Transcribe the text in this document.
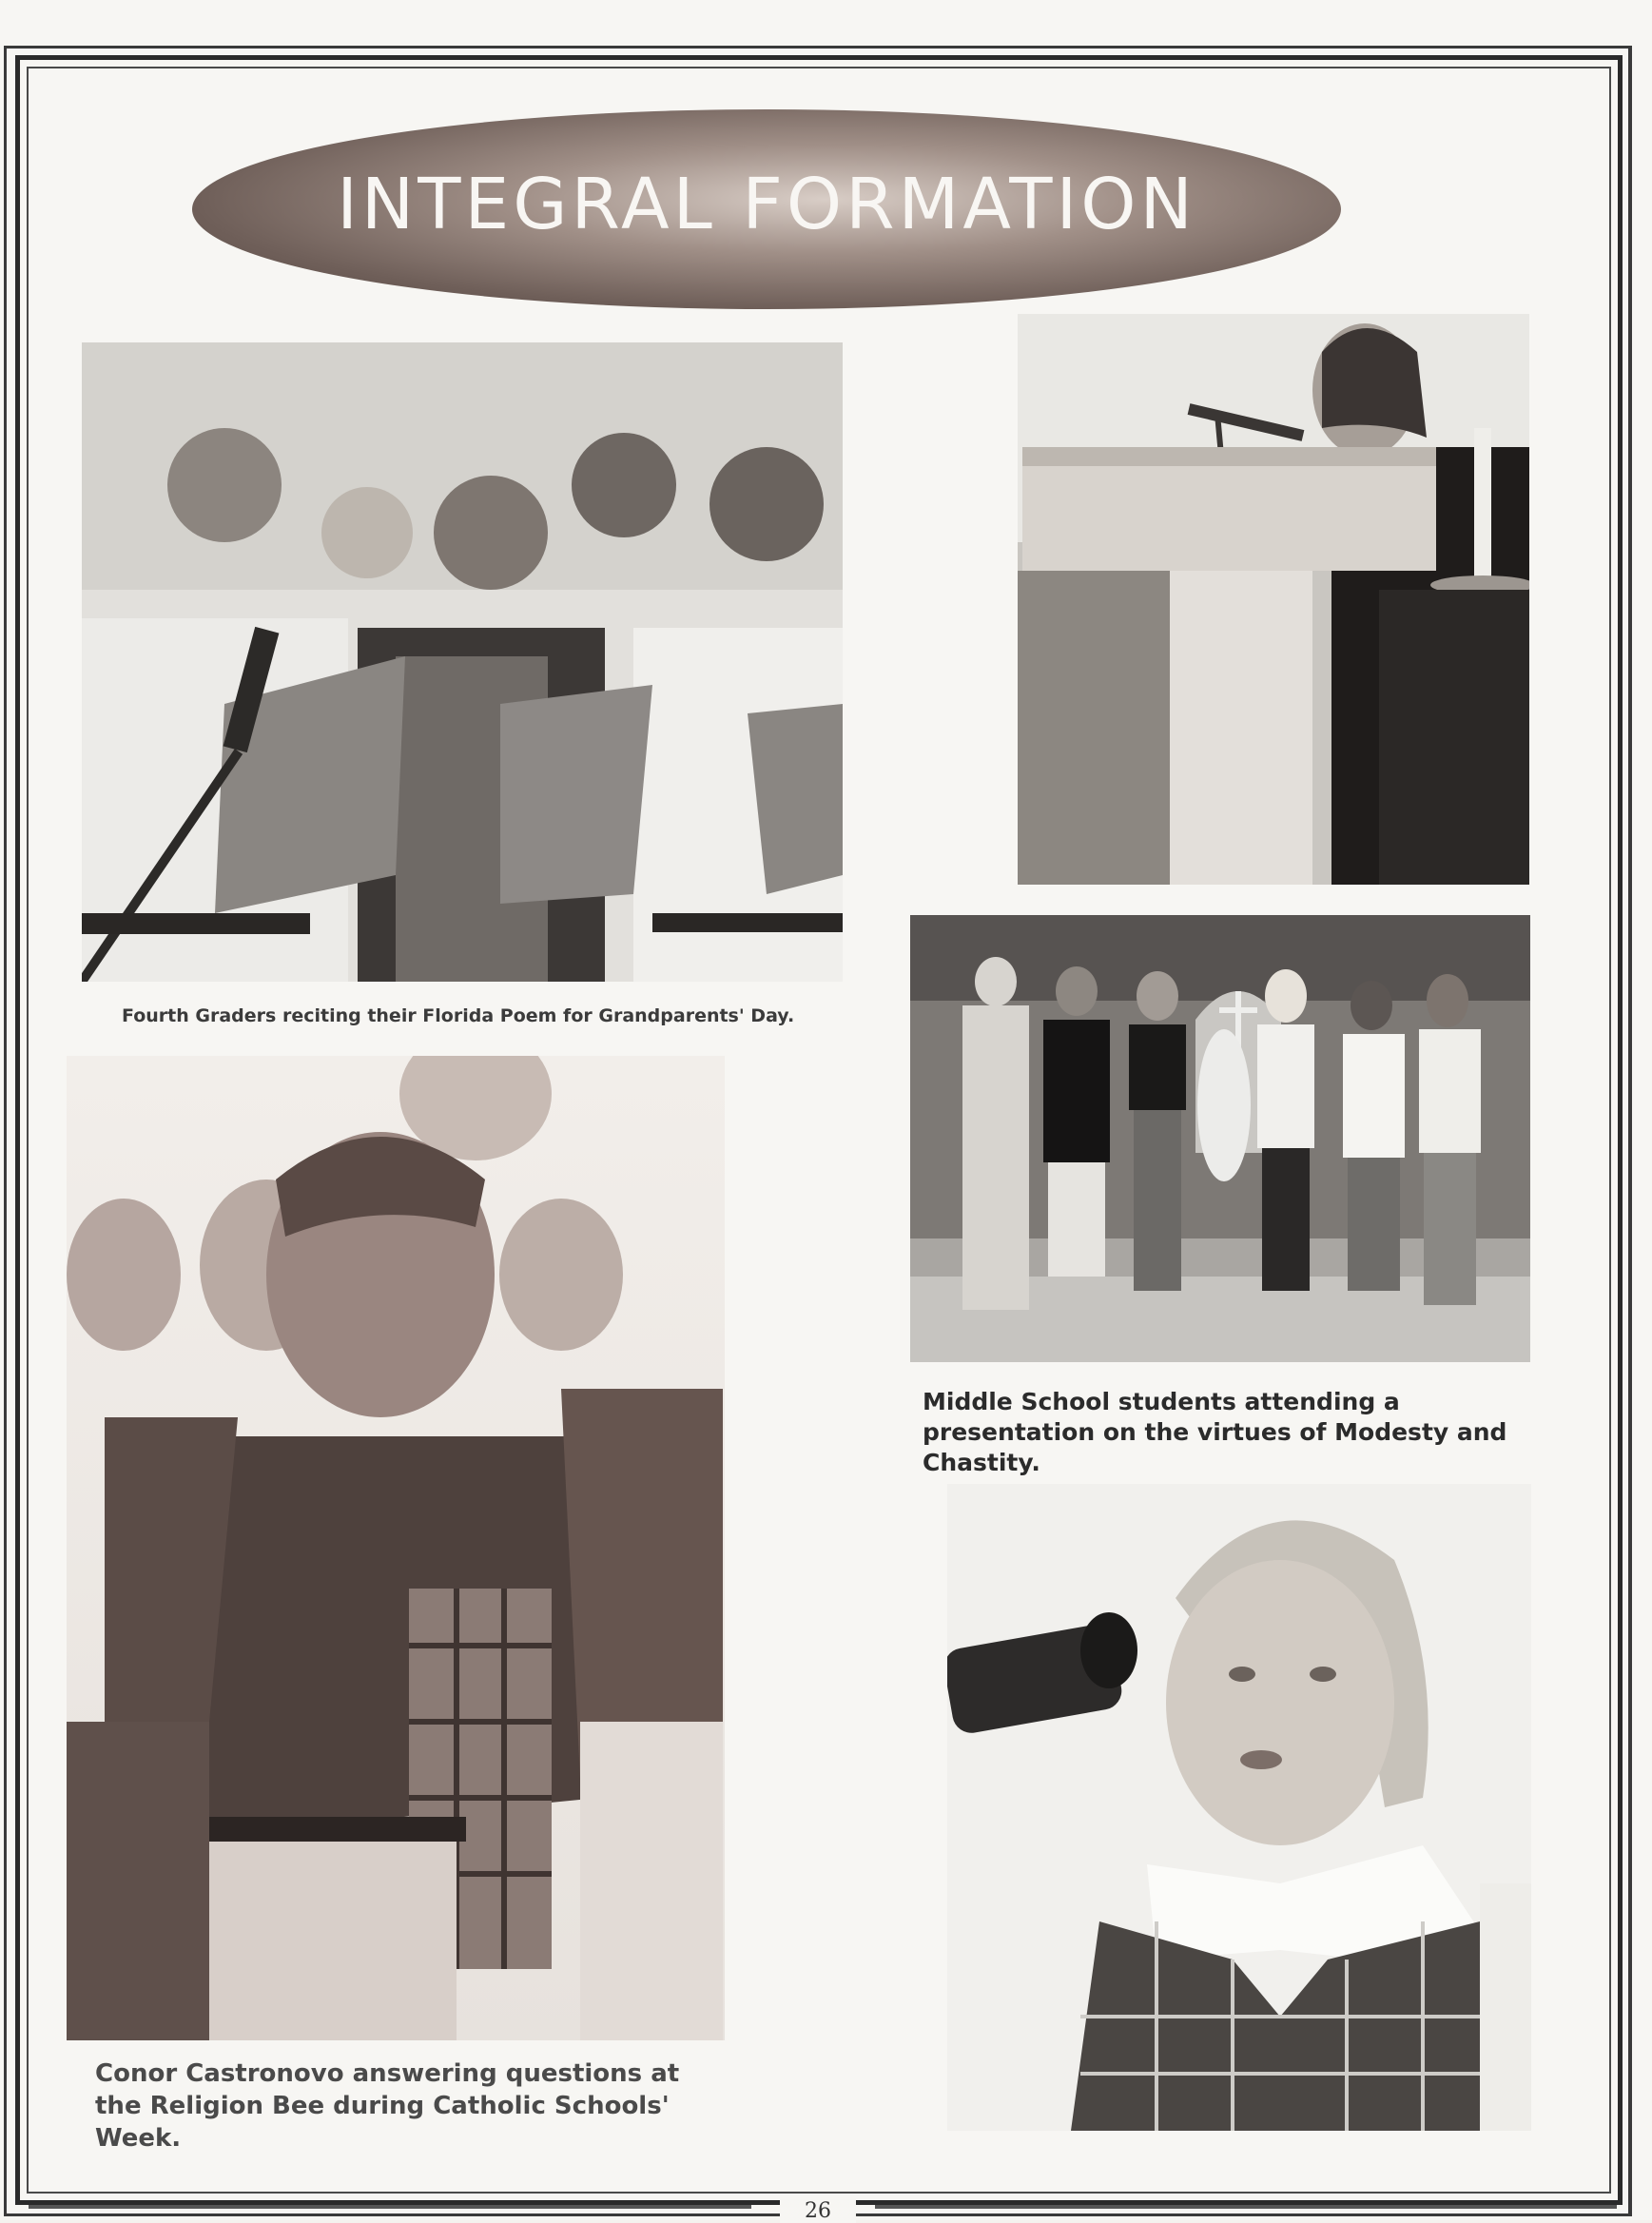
INTEGRAL FORMATION
Fourth Graders reciting their Florida Poem for Grandparents' Day.
Middle School students attending a presentation on the virtues of Modesty and Chastity.
Conor Castronovo answering questions at the Religion Bee during Catholic Schools' Week.
26
